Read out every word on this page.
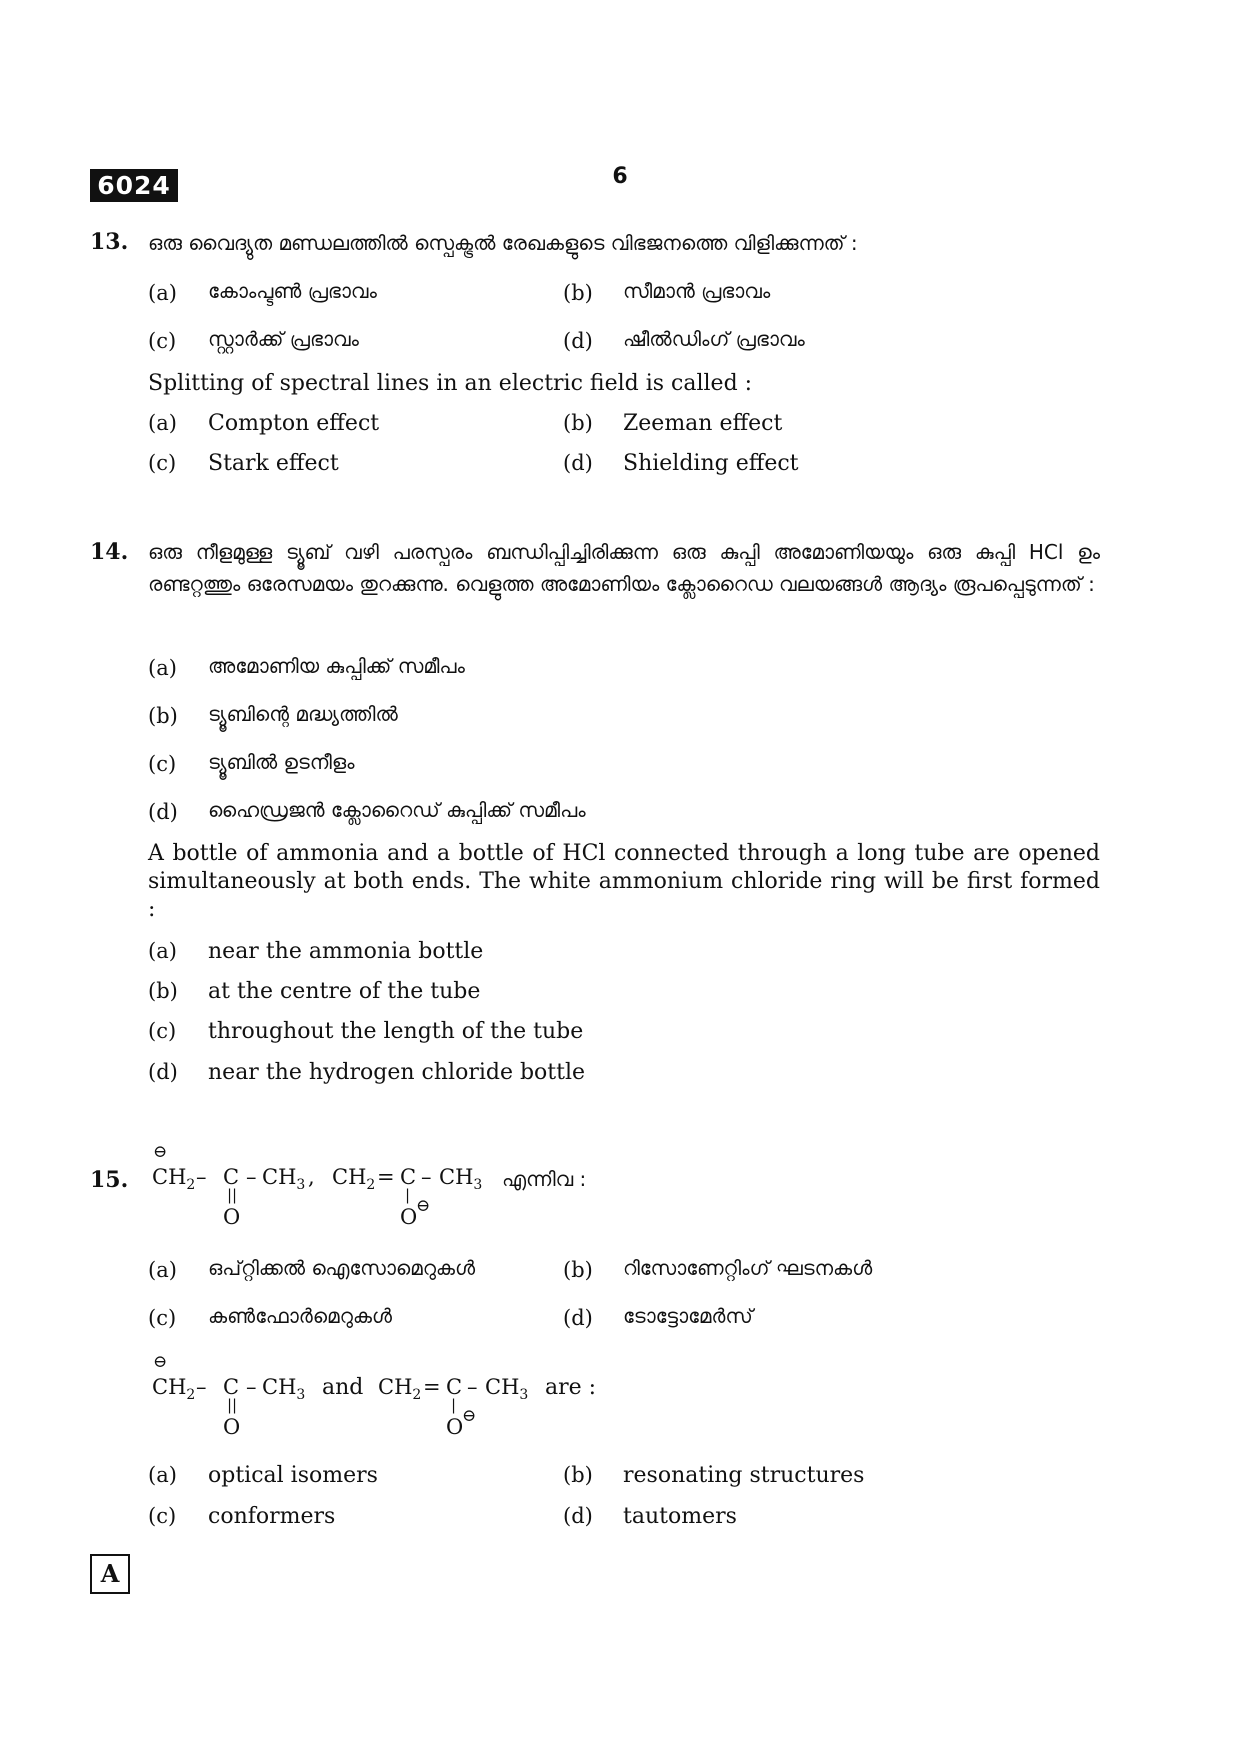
6024	6
13. ഒരു വൈദ്യുത മണ്ഡലത്തിൽ സ്പെക്ട്രൽ രേഖകളുടെ വിഭജനത്തെ വിളിക്കുന്നത് :
(a) കോംപ്ടൺ പ്രഭാവം	(b) സീമാൻ പ്രഭാവം
(c) സ്റ്റാർക്ക് പ്രഭാവം	(d) ഷീൽഡിംഗ് പ്രഭാവം
Splitting of spectral lines in an electric field is called :
(a) Compton effect	(b) Zeeman effect
(c) Stark effect	(d) Shielding effect
14. ഒരു നീളമുള്ള ട്യൂബ് വഴി പരസ്പരം ബന്ധിപ്പിച്ചിരിക്കുന്ന ഒരു കുപ്പി അമോണിയയും ഒരു കുപ്പി HCl ഉം രണ്ടറ്റത്തും ഒരേസമയം തുറക്കുന്നു. വെളുത്ത അമോണിയം ക്ലോറൈഡ വലയങ്ങൾ ആദ്യം രൂപപ്പെടുന്നത് :
(a) അമോണിയ കുപ്പിക്ക് സമീപം
(b) ട്യൂബിന്റെ മദ്ധ്യത്തിൽ
(c) ട്യൂബിൽ ഉടനീളം
(d) ഹൈഡ്രജൻ ക്ലോറൈഡ് കുപ്പിക്ക് സമീപം
A bottle of ammonia and a bottle of HCl connected through a long tube are opened simultaneously at both ends. The white ammonium chloride ring will be first formed :
(a) near the ammonia bottle
(b) at the centre of the tube
(c) throughout the length of the tube
(d) near the hydrogen chloride bottle
15.
⊖
$CH_2$ – C – $CH_3$ ,
||
O
$CH_2 = C - CH_3$
|
O
⊖
എന്നിവ :
(a) ഒപ്റ്റിക്കൽ ഐസോമെറുകൾ	(b) റിസോണേറ്റിംഗ് ഘടനകൾ
(c) കൺഫോർമെറുകൾ	(d) ടോട്ടോമേർസ്
⊖
$CH_2$ – C – $CH_3$
||
O
and $CH_2 = C - CH_3$
|
O
⊖
are :
(a) optical isomers	(b) resonating structures
(c) conformers	(d) tautomers
A
